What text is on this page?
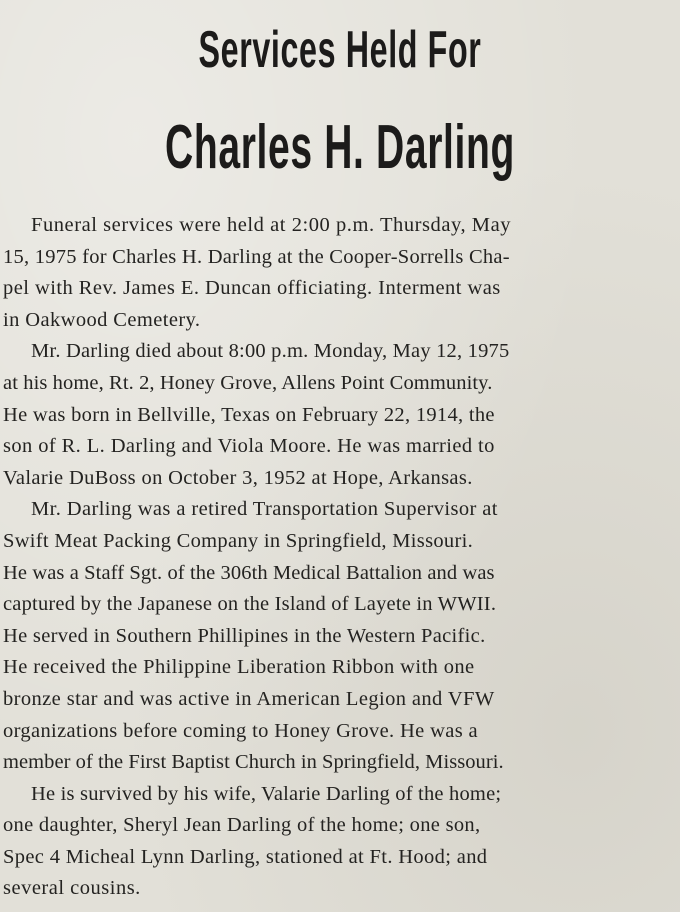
Services Held For
Charles H. Darling
Funeral services were held at 2:00 p.m. Thursday, May
15, 1975 for Charles H. Darling at the Cooper-Sorrells Cha-
pel with Rev. James E. Duncan officiating. Interment was
in Oakwood Cemetery.
Mr. Darling died about 8:00 p.m. Monday, May 12, 1975
at his home, Rt. 2, Honey Grove, Allens Point Community.
He was born in Bellville, Texas on February 22, 1914, the
son of R. L. Darling and Viola Moore. He was married to
Valarie DuBoss on October 3, 1952 at Hope, Arkansas.
Mr. Darling was a retired Transportation Supervisor at
Swift Meat Packing Company in Springfield, Missouri.
He was a Staff Sgt. of the 306th Medical Battalion and was
captured by the Japanese on the Island of Layete in WWII.
He served in Southern Phillipines in the Western Pacific.
He received the Philippine Liberation Ribbon with one
bronze star and was active in American Legion and VFW
organizations before coming to Honey Grove. He was a
member of the First Baptist Church in Springfield, Missouri.
He is survived by his wife, Valarie Darling of the home;
one daughter, Sheryl Jean Darling of the home; one son,
Spec 4 Micheal Lynn Darling, stationed at Ft. Hood; and
several cousins.
